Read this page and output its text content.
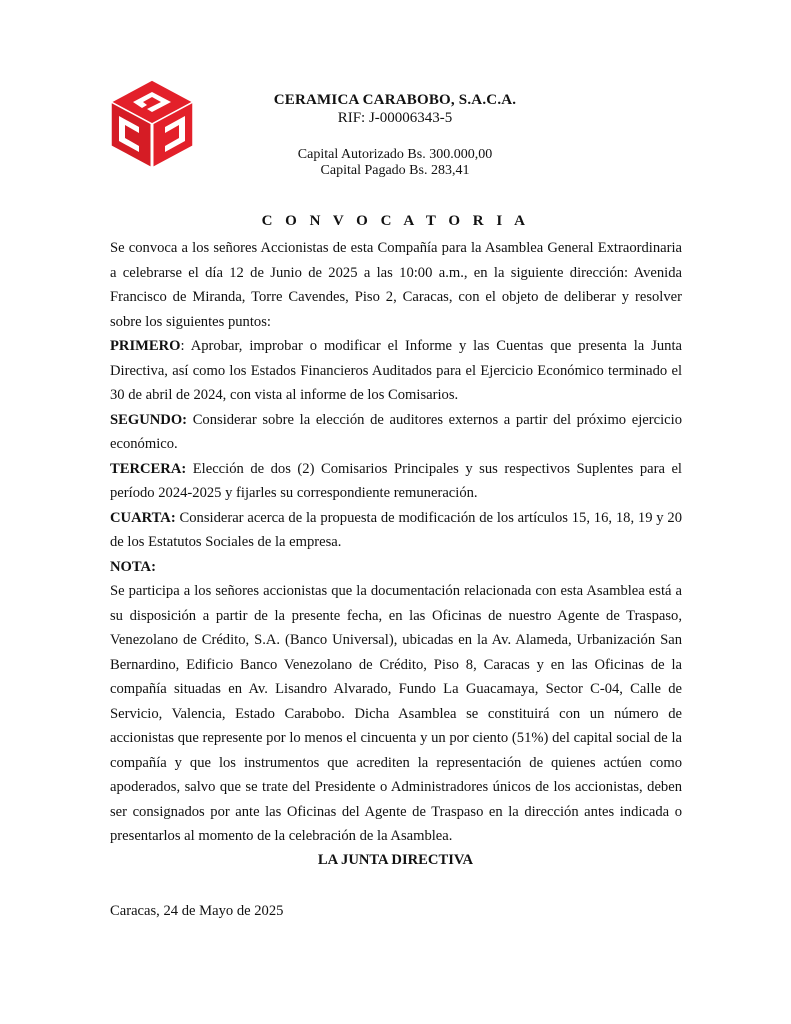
CERAMICA CARABOBO, S.A.C.A.
RIF: J-00006343-5
Capital Autorizado Bs. 300.000,00
Capital Pagado Bs. 283,41
C O N V O C A T O R I A

Se convoca a los señores Accionistas de esta Compañía para la Asamblea General Extraordinaria a celebrarse el día 12 de Junio de 2025 a las 10:00 a.m., en la siguiente dirección: Avenida Francisco de Miranda, Torre Cavendes, Piso 2, Caracas, con el objeto de deliberar y resolver sobre los siguientes puntos:

PRIMERO: Aprobar, improbar o modificar el Informe y las Cuentas que presenta la Junta Directiva, así como los Estados Financieros Auditados para el Ejercicio Económico terminado el 30 de abril de 2024, con vista al informe de los Comisarios.

SEGUNDO: Considerar sobre la elección de auditores externos a partir del próximo ejercicio económico.

TERCERA: Elección de dos (2) Comisarios Principales y sus respectivos Suplentes para el período 2024-2025 y fijarles su correspondiente remuneración.

CUARTA: Considerar acerca de la propuesta de modificación de los artículos 15, 16, 18, 19 y 20 de los Estatutos Sociales de la empresa.

NOTA:

Se participa a los señores accionistas que la documentación relacionada con esta Asamblea está a su disposición a partir de la presente fecha, en las Oficinas de nuestro Agente de Traspaso, Venezolano de Crédito, S.A. (Banco Universal), ubicadas en la Av. Alameda, Urbanización San Bernardino, Edificio Banco Venezolano de Crédito, Piso 8, Caracas y en las Oficinas de la compañía situadas en Av. Lisandro Alvarado, Fundo La Guacamaya, Sector C-04, Calle de Servicio, Valencia, Estado Carabobo. Dicha Asamblea se constituirá con un número de accionistas que represente por lo menos el cincuenta y un por ciento (51%) del capital social de la compañía y que los instrumentos que acrediten la representación de quienes actúen como apoderados, salvo que se trate del Presidente o Administradores únicos de los accionistas, deben ser consignados por ante las Oficinas del Agente de Traspaso en la dirección antes indicada o presentarlos al momento de la celebración de la Asamblea.

LA JUNTA DIRECTIVA
Caracas, 24 de Mayo de 2025
